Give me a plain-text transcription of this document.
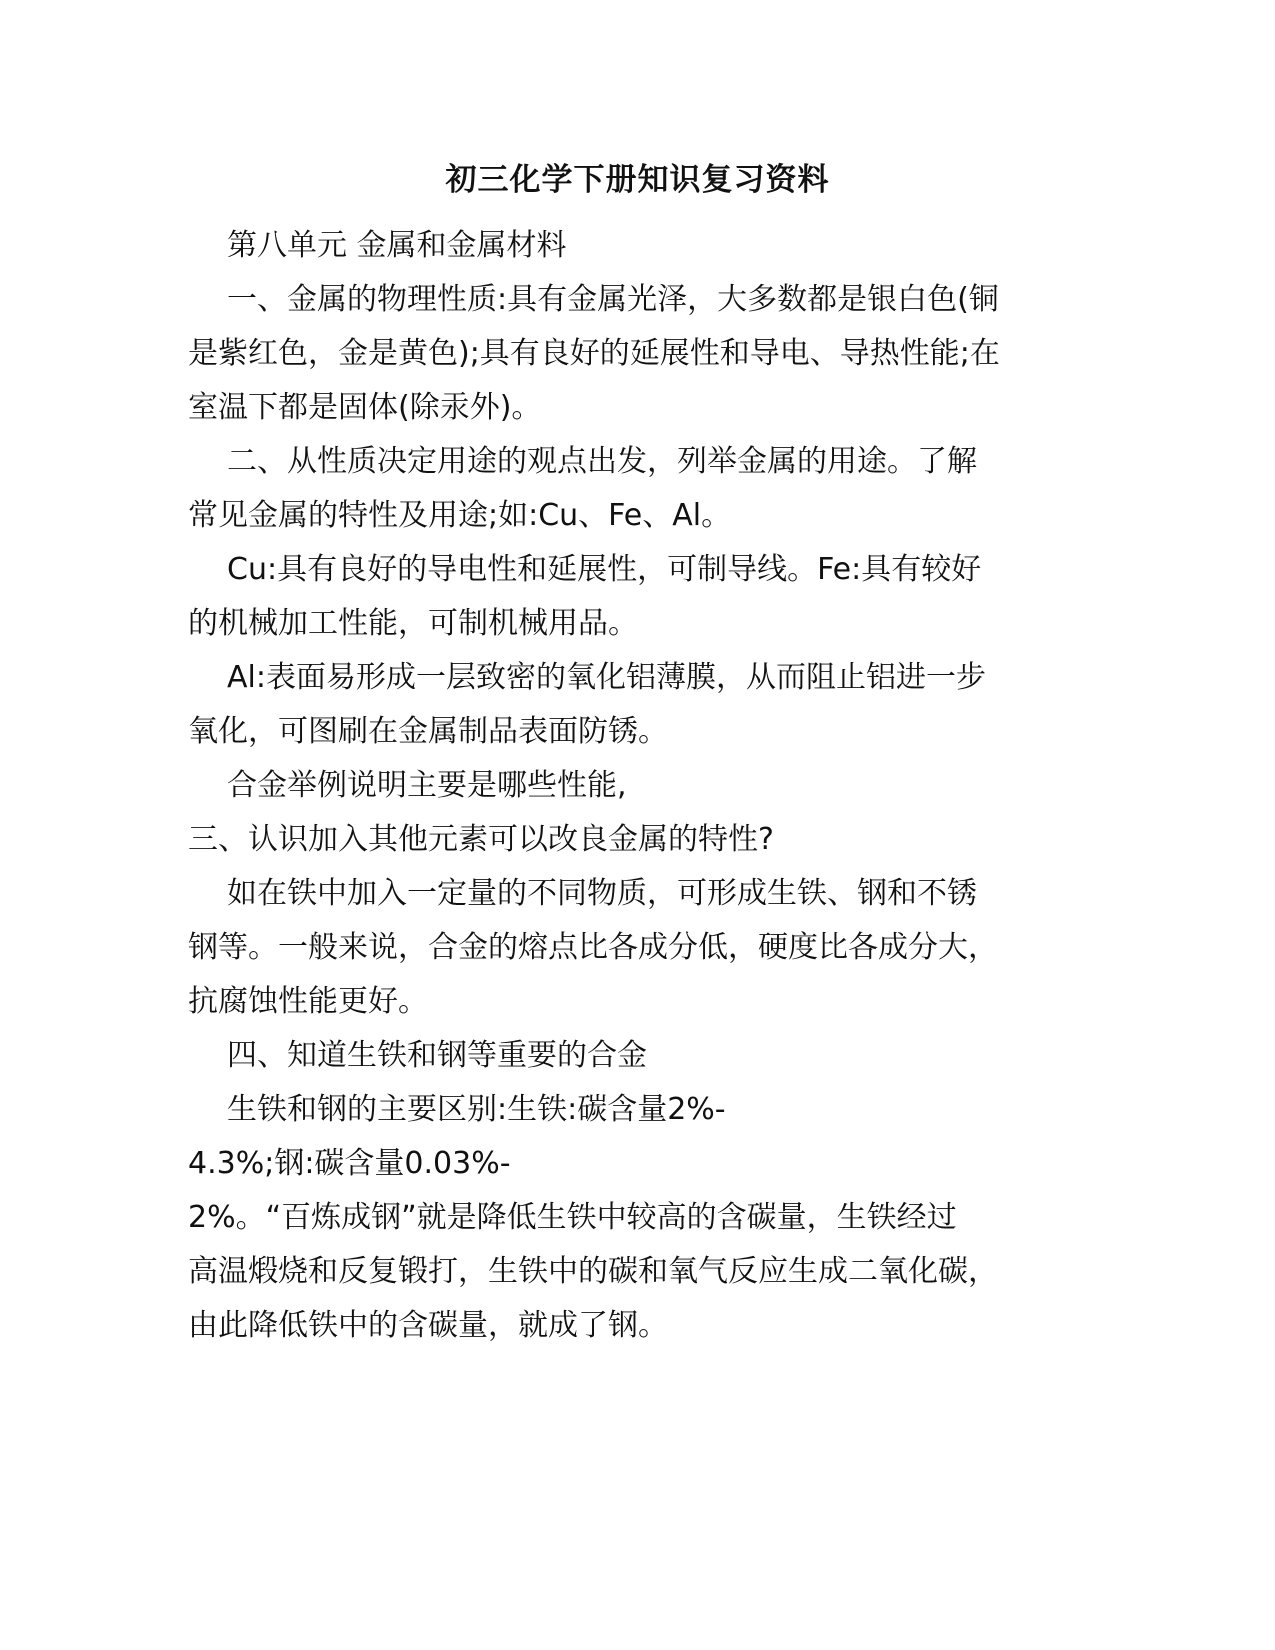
初三化学下册知识复习资料
第八单元 金属和金属材料
一、金属的物理性质:具有金属光泽，大多数都是银白色(铜
是紫红色，金是黄色);具有良好的延展性和导电、导热性能;在
室温下都是固体(除汞外)。
二、从性质决定用途的观点出发，列举金属的用途。了解
常见金属的特性及用途;如:Cu、Fe、Al。
Cu:具有良好的导电性和延展性，可制导线。Fe:具有较好
的机械加工性能，可制机械用品。
Al:表面易形成一层致密的氧化铝薄膜，从而阻止铝进一步
氧化，可图刷在金属制品表面防锈。
合金举例说明主要是哪些性能,
三、认识加入其他元素可以改良金属的特性?
如在铁中加入一定量的不同物质，可形成生铁、钢和不锈
钢等。一般来说，合金的熔点比各成分低，硬度比各成分大，
抗腐蚀性能更好。
四、知道生铁和钢等重要的合金
生铁和钢的主要区别:生铁:碳含量2%-
4.3%;钢:碳含量0.03%-
2%。“百炼成钢”就是降低生铁中较高的含碳量，生铁经过
高温煅烧和反复锻打，生铁中的碳和氧气反应生成二氧化碳，
由此降低铁中的含碳量，就成了钢。
